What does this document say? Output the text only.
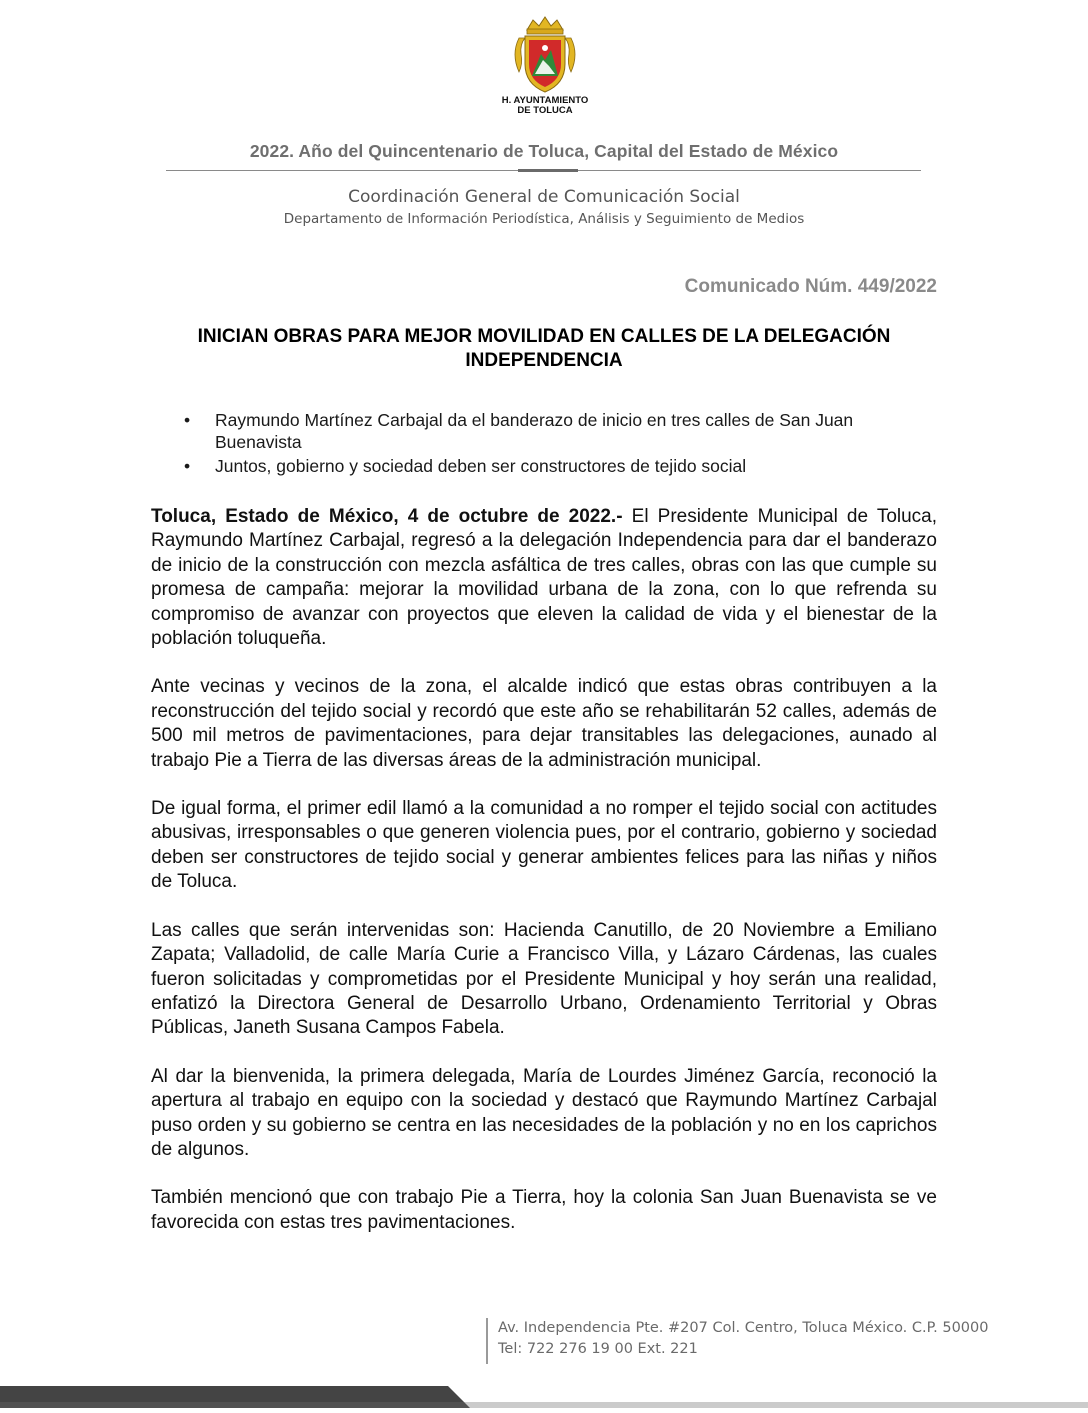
H. AYUNTAMIENTO
DE TOLUCA
2022. Año del Quincentenario de Toluca, Capital del Estado de México
Coordinación General de Comunicación Social
Departamento de Información Periodística, Análisis y Seguimiento de Medios
Comunicado Núm. 449/2022
INICIAN OBRAS PARA MEJOR MOVILIDAD EN CALLES DE LA DELEGACIÓN INDEPENDENCIA
• Raymundo Martínez Carbajal da el banderazo de inicio en tres calles de San Juan Buenavista
• Juntos, gobierno y sociedad deben ser constructores de tejido social

Toluca, Estado de México, 4 de octubre de 2022.- El Presidente Municipal de Toluca, Raymundo Martínez Carbajal, regresó a la delegación Independencia para dar el banderazo de inicio de la construcción con mezcla asfáltica de tres calles, obras con las que cumple su promesa de campaña: mejorar la movilidad urbana de la zona, con lo que refrenda su compromiso de avanzar con proyectos que eleven la calidad de vida y el bienestar de la población toluqueña.

Ante vecinas y vecinos de la zona, el alcalde indicó que estas obras contribuyen a la reconstrucción del tejido social y recordó que este año se rehabilitarán 52 calles, además de 500 mil metros de pavimentaciones, para dejar transitables las delegaciones, aunado al trabajo Pie a Tierra de las diversas áreas de la administración municipal.

De igual forma, el primer edil llamó a la comunidad a no romper el tejido social con actitudes abusivas, irresponsables o que generen violencia pues, por el contrario, gobierno y sociedad deben ser constructores de tejido social y generar ambientes felices para las niñas y niños de Toluca.

Las calles que serán intervenidas son: Hacienda Canutillo, de 20 Noviembre a Emiliano Zapata; Valladolid, de calle María Curie a Francisco Villa, y Lázaro Cárdenas, las cuales fueron solicitadas y comprometidas por el Presidente Municipal y hoy serán una realidad, enfatizó la Directora General de Desarrollo Urbano, Ordenamiento Territorial y Obras Públicas, Janeth Susana Campos Fabela.

Al dar la bienvenida, la primera delegada, María de Lourdes Jiménez García, reconoció la apertura al trabajo en equipo con la sociedad y destacó que Raymundo Martínez Carbajal puso orden y su gobierno se centra en las necesidades de la población y no en los caprichos de algunos.

También mencionó que con trabajo Pie a Tierra, hoy la colonia San Juan Buenavista se ve favorecida con estas tres pavimentaciones.

Av. Independencia Pte. #207 Col. Centro, Toluca México. C.P. 50000
Tel: 722 276 19 00 Ext. 221
